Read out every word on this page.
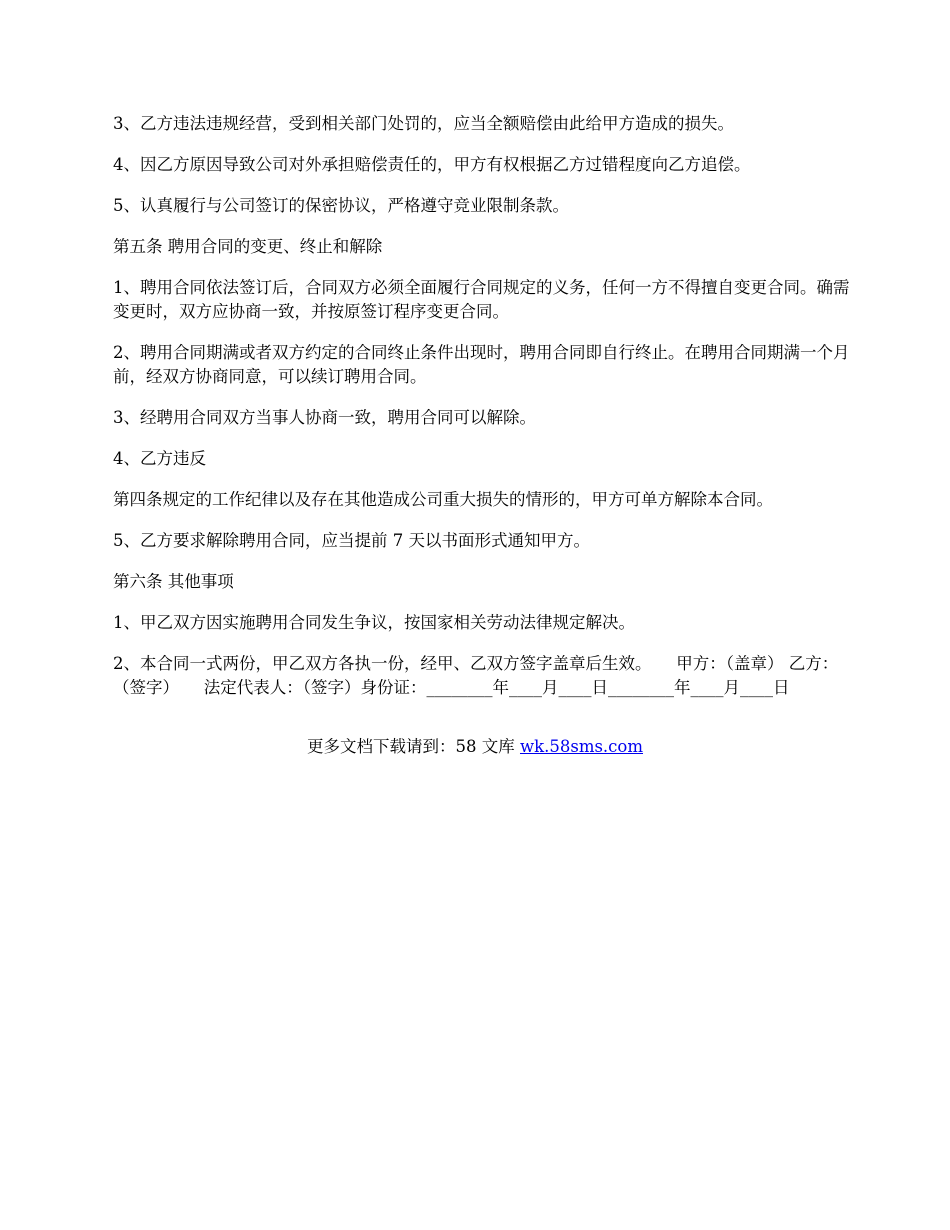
3、乙方违法违规经营，受到相关部门处罚的，应当全额赔偿由此给甲方造成的损失。

4、因乙方原因导致公司对外承担赔偿责任的，甲方有权根据乙方过错程度向乙方追偿。

5、认真履行与公司签订的保密协议，严格遵守竞业限制条款。

第五条 聘用合同的变更、终止和解除

1、聘用合同依法签订后，合同双方必须全面履行合同规定的义务，任何一方不得擅自变更合同。确需变更时，双方应协商一致，并按原签订程序变更合同。

2、聘用合同期满或者双方约定的合同终止条件出现时，聘用合同即自行终止。在聘用合同期满一个月前，经双方协商同意，可以续订聘用合同。

3、经聘用合同双方当事人协商一致，聘用合同可以解除。

4、乙方违反

第四条规定的工作纪律以及存在其他造成公司重大损失的情形的，甲方可单方解除本合同。

5、乙方要求解除聘用合同，应当提前 7 天以书面形式通知甲方。

第六条 其他事项

1、甲乙双方因实施聘用合同发生争议，按国家相关劳动法律规定解决。

2、本合同一式两份，甲乙双方各执一份，经甲、乙双方签字盖章后生效。　　甲方：（盖章） 乙方：（签字）　　法定代表人：（签字）身份证：________年____月____日________年____月____日

更多文档下载请到：58 文库 wk.58sms.com
